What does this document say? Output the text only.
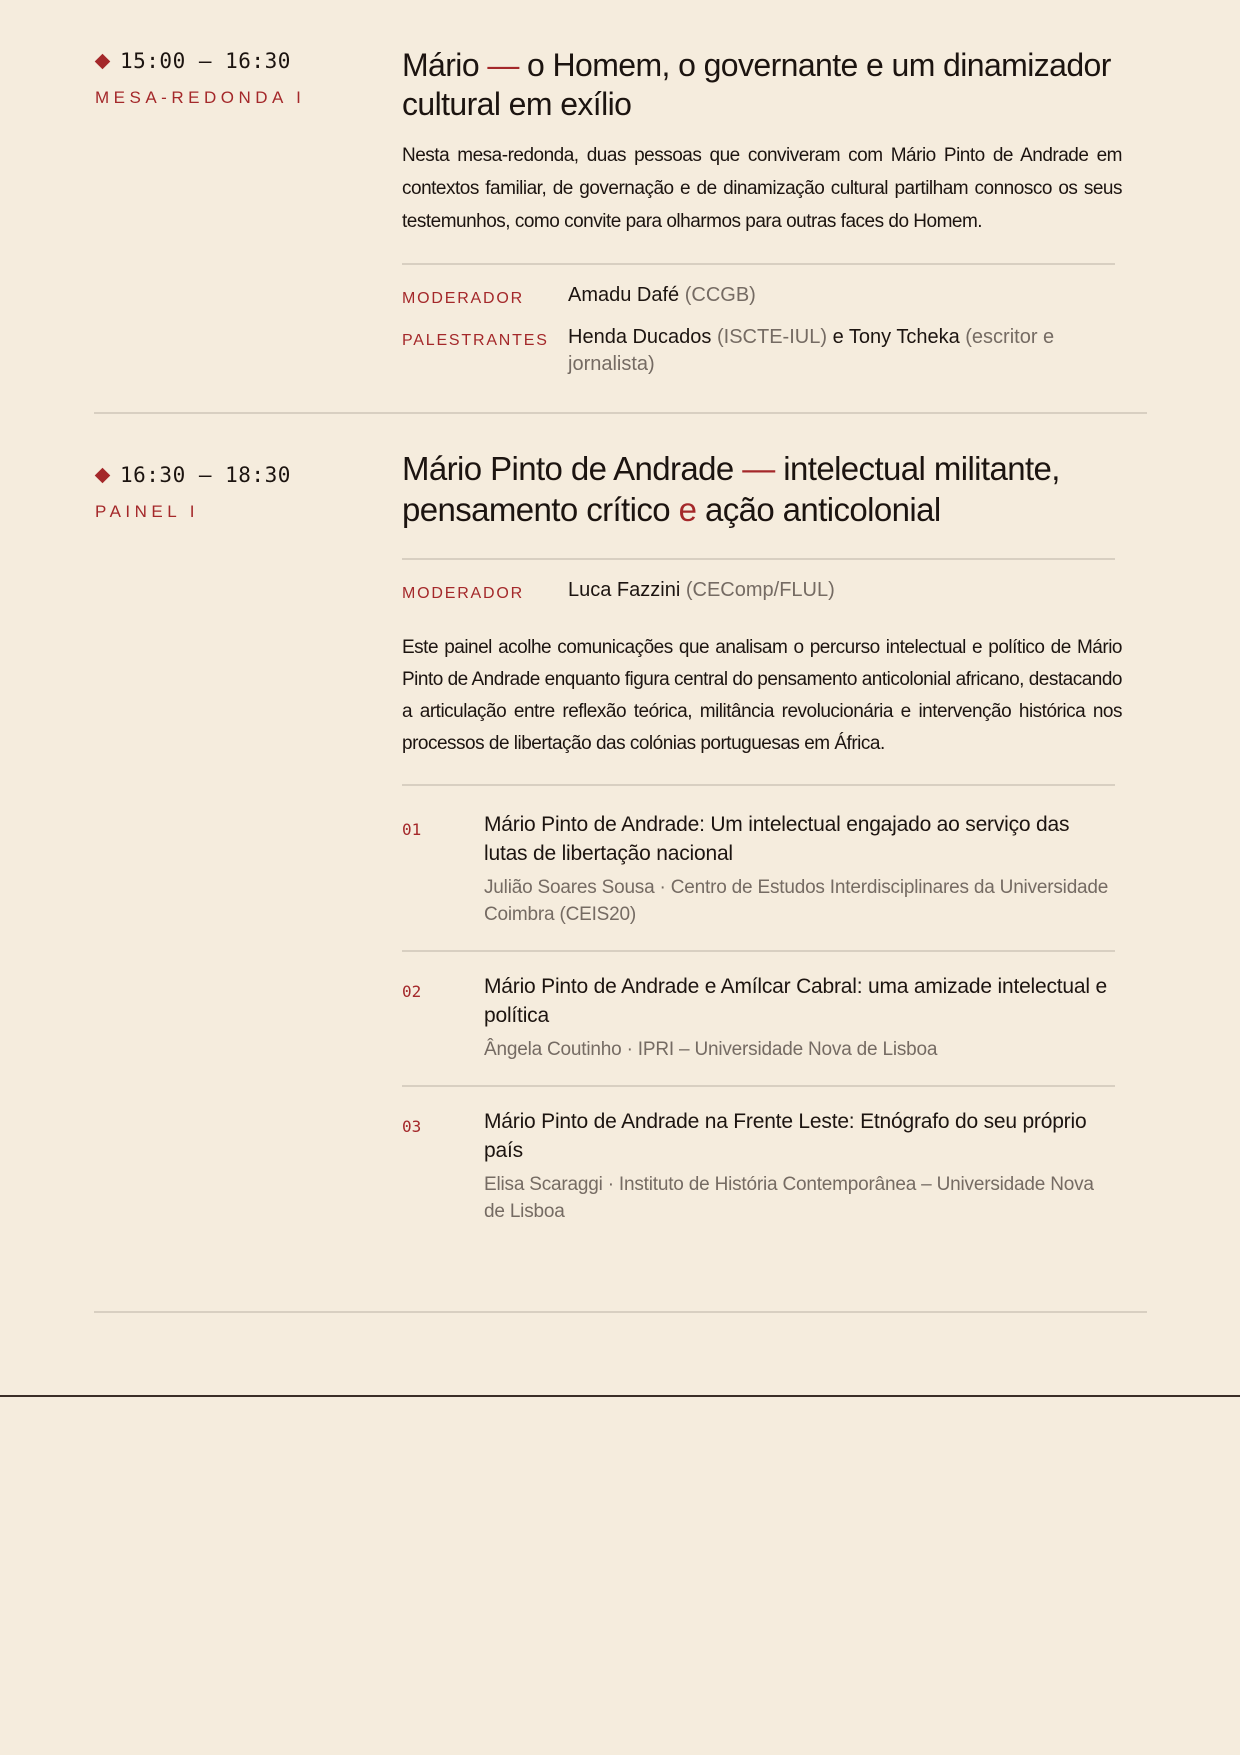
15:00 — 16:30
MESA-REDONDA I
Mário — o Homem, o governante e um dinamizador cultural em exílio

Nesta mesa-redonda, duas pessoas que conviveram com Mário Pinto de Andrade em contextos familiar, de governação e de dinamização cultural partilham connosco os seus testemunhos, como convite para olharmos para outras faces do Homem.

MODERADOR	Amadu Dafé (CCGB)
PALESTRANTES Henda Ducados (ISCTE-IUL) e Tony Tcheka (escritor e jornalista)
16:30 — 18:30
PAINEL I
Mário Pinto de Andrade — intelectual militante, pensamento crítico e ação anticolonial
MODERADOR	Luca Fazzini (CEComp/FLUL)

Este painel acolhe comunicações que analisam o percurso intelectual e político de Mário Pinto de Andrade enquanto figura central do pensamento anticolonial africano, destacando a articulação entre reflexão teórica, militância revolucionária e intervenção histórica nos processos de libertação das colónias portuguesas em África.

01	Mário Pinto de Andrade: Um intelectual engajado ao serviço das lutas de libertação nacional
Julião Soares Sousa · Centro de Estudos Interdisciplinares da Universidade Coimbra (CEIS20)
02	Mário Pinto de Andrade e Amílcar Cabral: uma amizade intelectual e política
Ângela Coutinho · IPRI – Universidade Nova de Lisboa
03	Mário Pinto de Andrade na Frente Leste: Etnógrafo do seu próprio país
Elisa Scaraggi · Instituto de História Contemporânea – Universidade Nova de Lisboa
